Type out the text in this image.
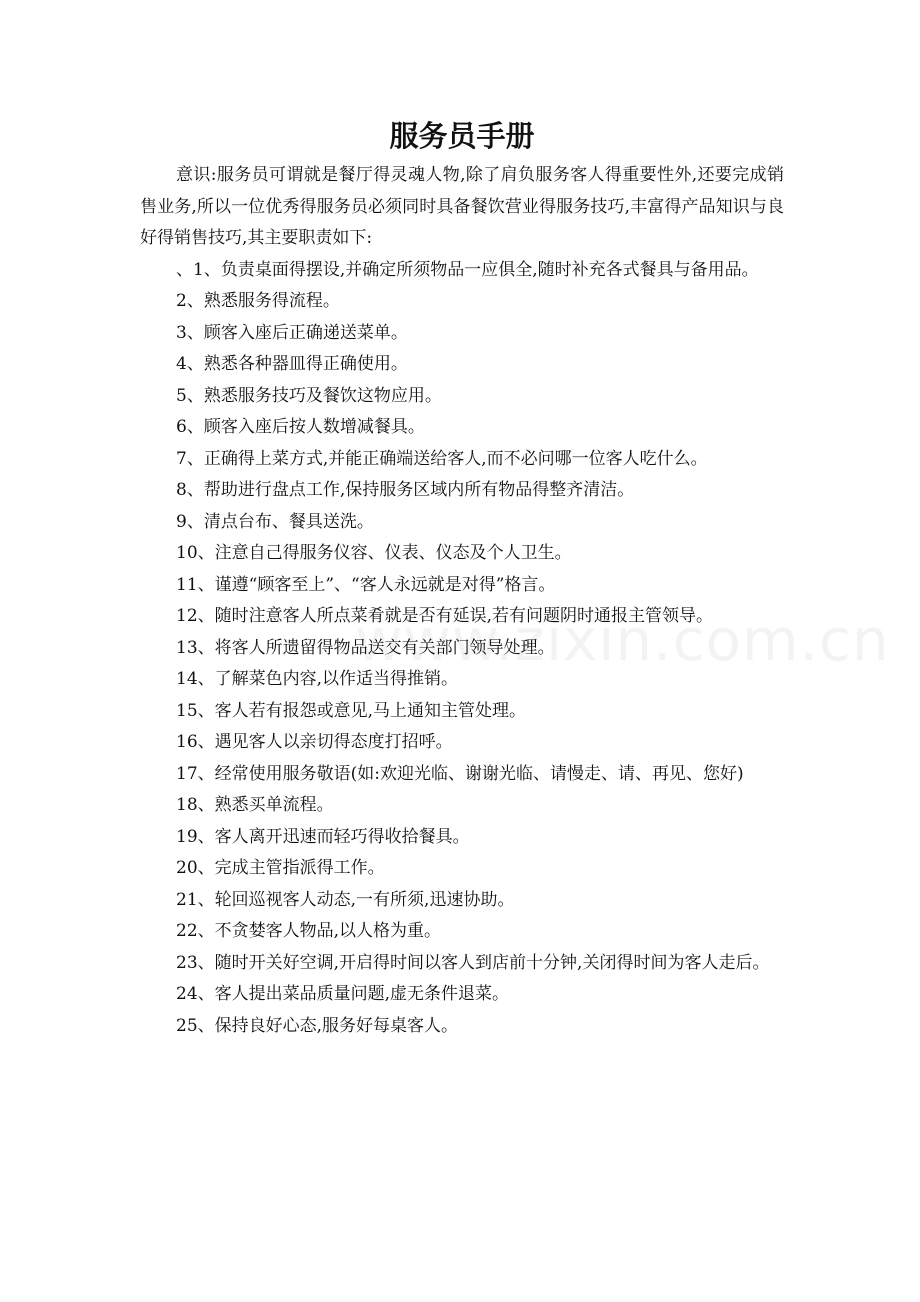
服务员手册

意识:服务员可谓就是餐厅得灵魂人物,除了肩负服务客人得重要性外,还要完成销售业务,所以一位优秀得服务员必须同时具备餐饮营业得服务技巧,丰富得产品知识与良好得销售技巧,其主要职责如下:

、1、负责桌面得摆设,并确定所须物品一应俱全,随时补充各式餐具与备用品。
2、熟悉服务得流程。
3、顾客入座后正确递送菜单。
4、熟悉各种器皿得正确使用。
5、熟悉服务技巧及餐饮这物应用。
6、顾客入座后按人数增减餐具。
7、正确得上菜方式,并能正确端送给客人,而不必问哪一位客人吃什么。
8、帮助进行盘点工作,保持服务区域内所有物品得整齐清洁。
9、清点台布、餐具送洗。
10、注意自己得服务仪容、仪表、仪态及个人卫生。
11、谨遵“顾客至上”、“客人永远就是对得”格言。
12、随时注意客人所点菜肴就是否有延误,若有问题阴时通报主管领导。
13、将客人所遗留得物品送交有关部门领导处理。
14、了解菜色内容,以作适当得推销。
15、客人若有报怨或意见,马上通知主管处理。
16、遇见客人以亲切得态度打招呼。
17、经常使用服务敬语(如:欢迎光临、谢谢光临、请慢走、请、再见、您好)
18、熟悉买单流程。
19、客人离开迅速而轻巧得收拾餐具。
20、完成主管指派得工作。
21、轮回巡视客人动态,一有所须,迅速协助。
22、不贪婪客人物品,以人格为重。
23、随时开关好空调,开启得时间以客人到店前十分钟,关闭得时间为客人走后。
24、客人提出菜品质量问题,虚无条件退菜。
25、保持良好心态,服务好每桌客人。
